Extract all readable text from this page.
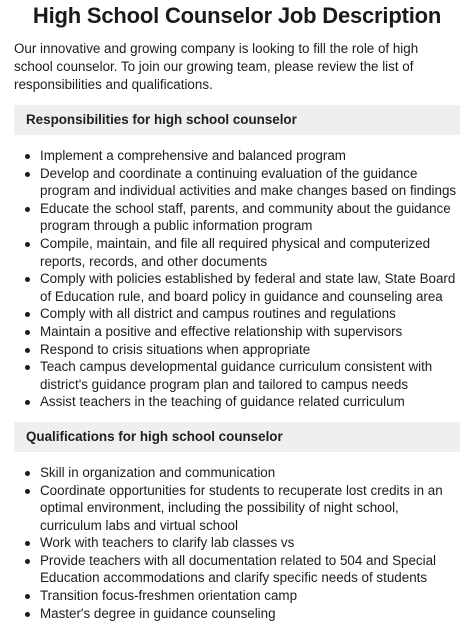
High School Counselor Job Description

Our innovative and growing company is looking to fill the role of high school counselor. To join our growing team, please review the list of responsibilities and qualifications.

Responsibilities for high school counselor
Implement a comprehensive and balanced program
Develop and coordinate a continuing evaluation of the guidance program and individual activities and make changes based on findings
Educate the school staff, parents, and community about the guidance program through a public information program
Compile, maintain, and file all required physical and computerized reports, records, and other documents
Comply with policies established by federal and state law, State Board of Education rule, and board policy in guidance and counseling area
Comply with all district and campus routines and regulations
Maintain a positive and effective relationship with supervisors
Respond to crisis situations when appropriate
Teach campus developmental guidance curriculum consistent with district's guidance program plan and tailored to campus needs
Assist teachers in the teaching of guidance related curriculum
Qualifications for high school counselor
Skill in organization and communication
Coordinate opportunities for students to recuperate lost credits in an optimal environment, including the possibility of night school, curriculum labs and virtual school
Work with teachers to clarify lab classes vs
Provide teachers with all documentation related to 504 and Special Education accommodations and clarify specific needs of students
Transition focus-freshmen orientation camp
Master's degree in guidance counseling
